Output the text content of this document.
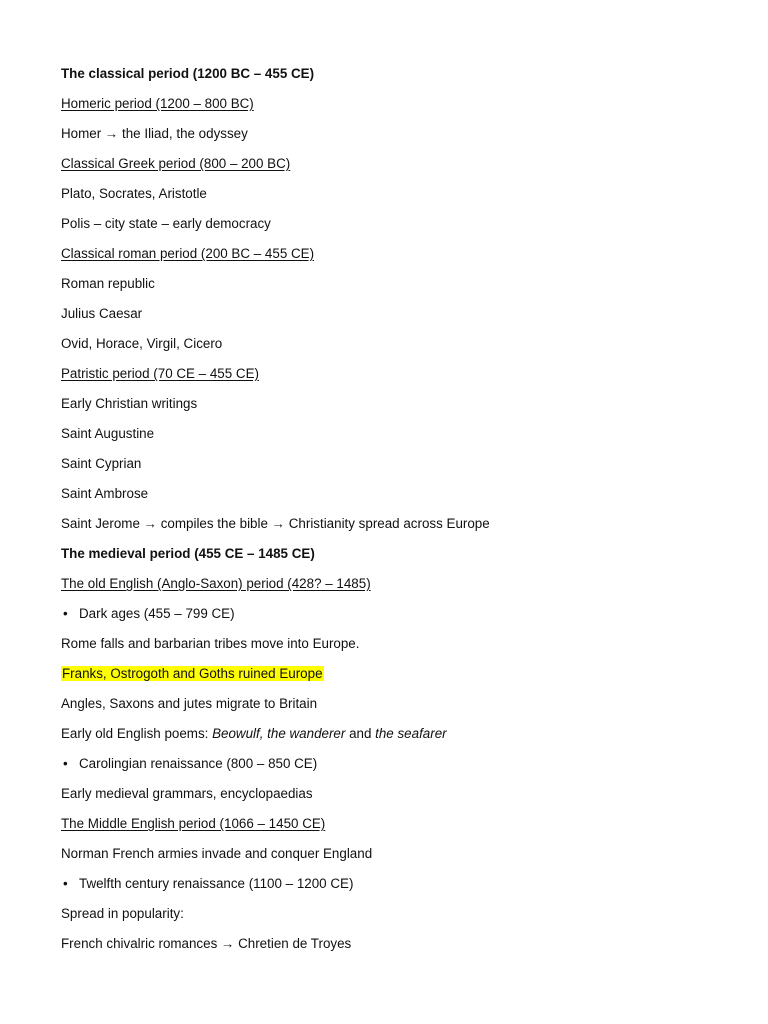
The classical period (1200 BC – 455 CE)
Homeric period (1200 – 800 BC)
Homer → the Iliad, the odyssey
Classical Greek period (800 – 200 BC)
Plato, Socrates, Aristotle
Polis – city state – early democracy
Classical roman period (200 BC – 455 CE)
Roman republic
Julius Caesar
Ovid, Horace, Virgil, Cicero
Patristic period (70 CE – 455 CE)
Early Christian writings
Saint Augustine
Saint Cyprian
Saint Ambrose
Saint Jerome → compiles the bible → Christianity spread across Europe
The medieval period (455 CE – 1485 CE)
The old English (Anglo-Saxon) period (428? – 1485)
• Dark ages (455 – 799 CE)
Rome falls and barbarian tribes move into Europe.
Franks, Ostrogoth and Goths ruined Europe
Angles, Saxons and jutes migrate to Britain
Early old English poems: Beowulf, the wanderer and the seafarer
• Carolingian renaissance (800 – 850 CE)
Early medieval grammars, encyclopaedias
The Middle English period (1066 – 1450 CE)
Norman French armies invade and conquer England
• Twelfth century renaissance (1100 – 1200 CE)
Spread in popularity:
French chivalric romances → Chretien de Troyes
